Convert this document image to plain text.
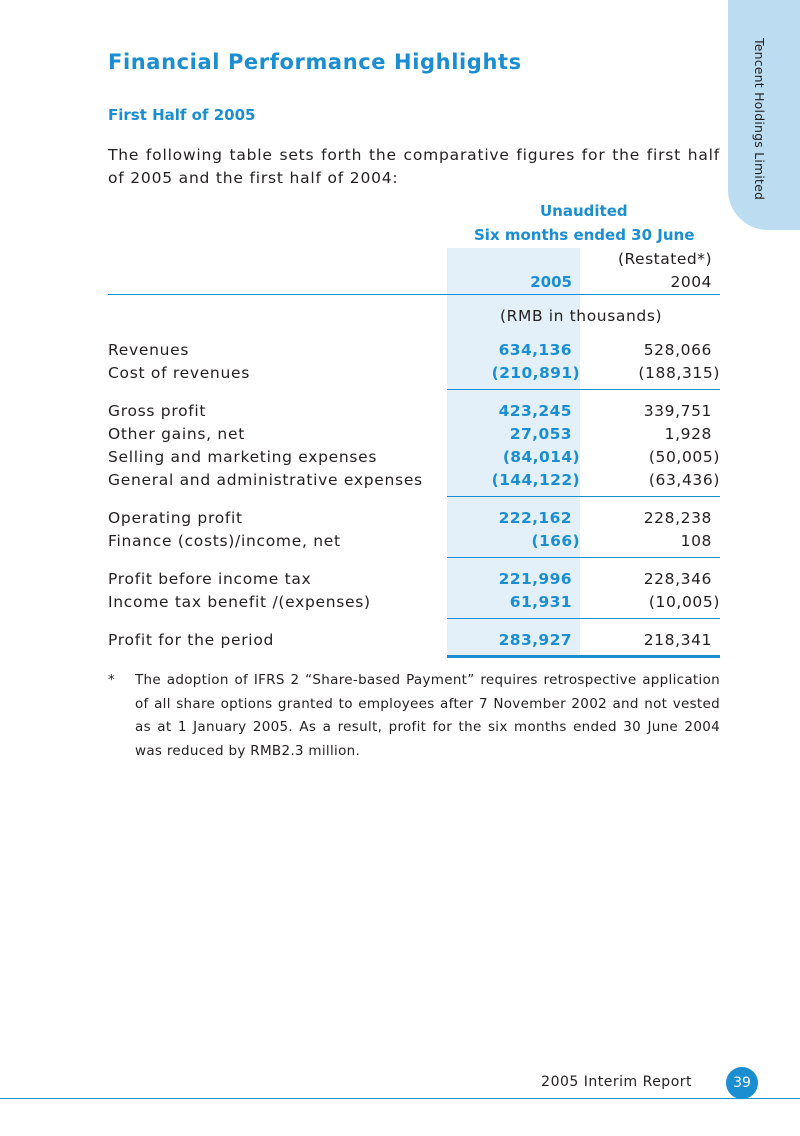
Tencent Holdings Limited
Financial Performance Highlights
First Half of 2005

The following table sets forth the comparative figures for the first half of 2005 and the first half of 2004:

Unaudited
Six months ended 30 June
(Restated*)
2005	2004
(RMB in thousands)
Revenues	634,136	528,066
Cost of revenues	(210,891)	(188,315)
Gross profit	423,245	339,751
Other gains, net	27,053	1,928
Selling and marketing expenses	(84,014)	(50,005)
General and administrative expenses	(144,122)	(63,436)
Operating profit	222,162	228,238
Finance (costs)/income, net	(166)	108
Profit before income tax	221,996	228,346
Income tax benefit /(expenses)	61,931	(10,005)
Profit for the period	283,927	218,341
* The adoption of IFRS 2 “Share-based Payment” requires retrospective application of all share options granted to employees after 7 November 2002 and not vested as at 1 January 2005. As a result, profit for the six months ended 30 June 2004 was reduced by RMB2.3 million.
2005 Interim Report	39
